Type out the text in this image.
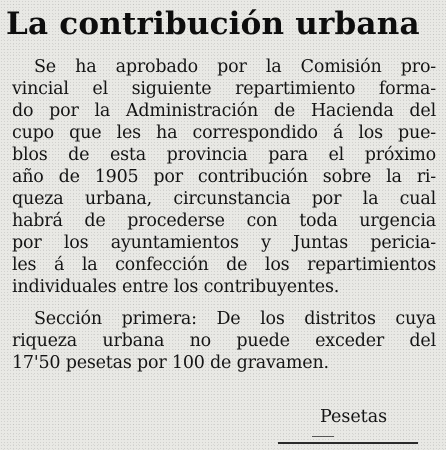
La contribución urbana
Se ha aprobado por la Comisión pro-
vincial el siguiente repartimiento forma-
do por la Administración de Hacienda del
cupo que les ha correspondido á los pue-
blos de esta provincia para el próximo
año de 1905 por contribución sobre la ri-
queza urbana, circunstancia por la cual
habrá de procederse con toda urgencia
por los ayuntamientos y Juntas pericia-
les á la confección de los repartimientos
individuales entre los contribuyentes.
Sección primera: De los distritos cuya
riqueza urbana no puede exceder del
17'50 pesetas por 100 de gravamen.
Pesetas
